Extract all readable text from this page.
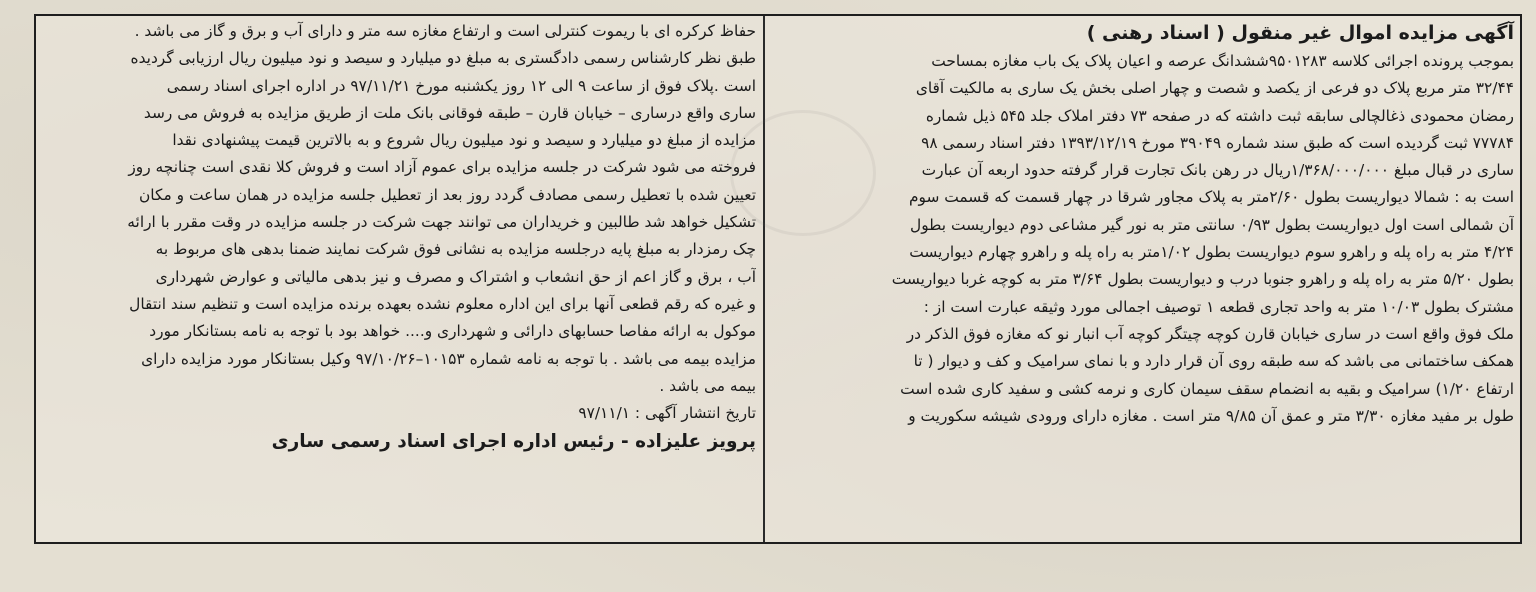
آگهی مزایده اموال غیر منقول ( اسناد رهنی )
بموجب پرونده اجرائی کلاسه ۹۵۰۱۲۸۳ششدانگ عرصه و اعیان پلاک یک باب مغازه بمساحت
۳۲/۴۴ متر مربع پلاک دو فرعی از یکصد و شصت و چهار اصلی بخش یک ساری به مالکیت آقای
رمضان محمودی ذغالچالی سابقه ثبت داشته که در صفحه ۷۳ دفتر املاک جلد ۵۴۵ ذیل شماره
۷۷۷۸۴ ثبت گردیده است که طبق سند شماره ۳۹۰۴۹ مورخ ۱۳۹۳/۱۲/۱۹ دفتر اسناد رسمی ۹۸
ساری در قبال مبلغ ۱/۳۶۸/۰۰۰/۰۰۰ریال در رهن بانک تجارت قرار گرفته حدود اربعه آن عبارت
است به : شمالا دیواریست بطول ۲/۶۰متر به پلاک مجاور شرقا در چهار قسمت که قسمت سوم
آن شمالی است اول دیواریست بطول ۰/۹۳ سانتی متر به نور گیر مشاعی دوم دیواریست بطول
۴/۲۴ متر به راه پله و راهرو سوم دیواریست بطول ۱/۰۲متر به راه پله و راهرو چهارم دیواریست
بطول ۵/۲۰ متر به راه پله و راهرو جنوبا درب و دیواریست بطول ۳/۶۴ متر به کوچه غربا دیواریست
مشترک بطول ۱۰/۰۳ متر به واحد تجاری قطعه ۱ توصیف اجمالی مورد وثیقه عبارت است از :
ملک فوق واقع است در ساری خیابان قارن کوچه چیتگر کوچه آب انبار نو که مغازه فوق الذکر در
همکف ساختمانی می باشد که سه طبقه روی آن قرار دارد و با نمای سرامیک و کف و دیوار ( تا
ارتفاع ۱/۲۰) سرامیک و بقیه به انضمام سقف سیمان کاری و نرمه کشی و سفید کاری شده است
طول بر مفید مغازه ۳/۳۰ متر و عمق آن ۹/۸۵ متر است . مغازه دارای ورودی شیشه سکوریت و
حفاظ کرکره ای با ریموت کنترلی است و ارتفاع مغازه سه متر و دارای آب و برق و گاز می باشد .
طبق نظر کارشناس رسمی دادگستری به مبلغ دو میلیارد و سیصد و نود میلیون ریال ارزیابی گردیده
است .پلاک فوق از ساعت ۹ الی ۱۲ روز یکشنبه مورخ ۹۷/۱۱/۲۱ در اداره اجرای اسناد رسمی
ساری واقع درساری – خیابان قارن – طبقه فوقانی بانک ملت از طریق مزایده به فروش می رسد
مزایده از مبلغ دو میلیارد و سیصد و نود میلیون ریال شروع و به بالاترین قیمت پیشنهادی نقدا
فروخته می شود شرکت در جلسه مزایده برای عموم آزاد است و فروش کلا نقدی است چنانچه روز
تعیین شده با تعطیل رسمی مصادف گردد روز بعد از تعطیل جلسه مزایده در همان ساعت و مکان
تشکیل خواهد شد طالبین و خریداران می توانند جهت شرکت در جلسه مزایده در وقت مقرر با ارائه
چک رمزدار به مبلغ پایه درجلسه مزایده به نشانی فوق شرکت نمایند ضمنا بدهی های مربوط به
آب ، برق و گاز اعم از حق انشعاب و اشتراک و مصرف و نیز بدهی مالیاتی و عوارض شهرداری
و غیره که رقم قطعی آنها برای این اداره معلوم نشده بعهده برنده مزایده است و تنظیم سند انتقال
موکول به ارائه مفاصا حسابهای دارائی و شهرداری و.... خواهد بود با توجه به نامه بستانکار مورد
مزایده بیمه می باشد . با توجه به نامه شماره ۱۰۱۵۳–۹۷/۱۰/۲۶ وکیل بستانکار مورد مزایده دارای
بیمه می باشد .
تاریخ انتشار آگهی : ۹۷/۱۱/۱
پرویز علیزاده - رئیس اداره اجرای اسناد رسمی ساری
